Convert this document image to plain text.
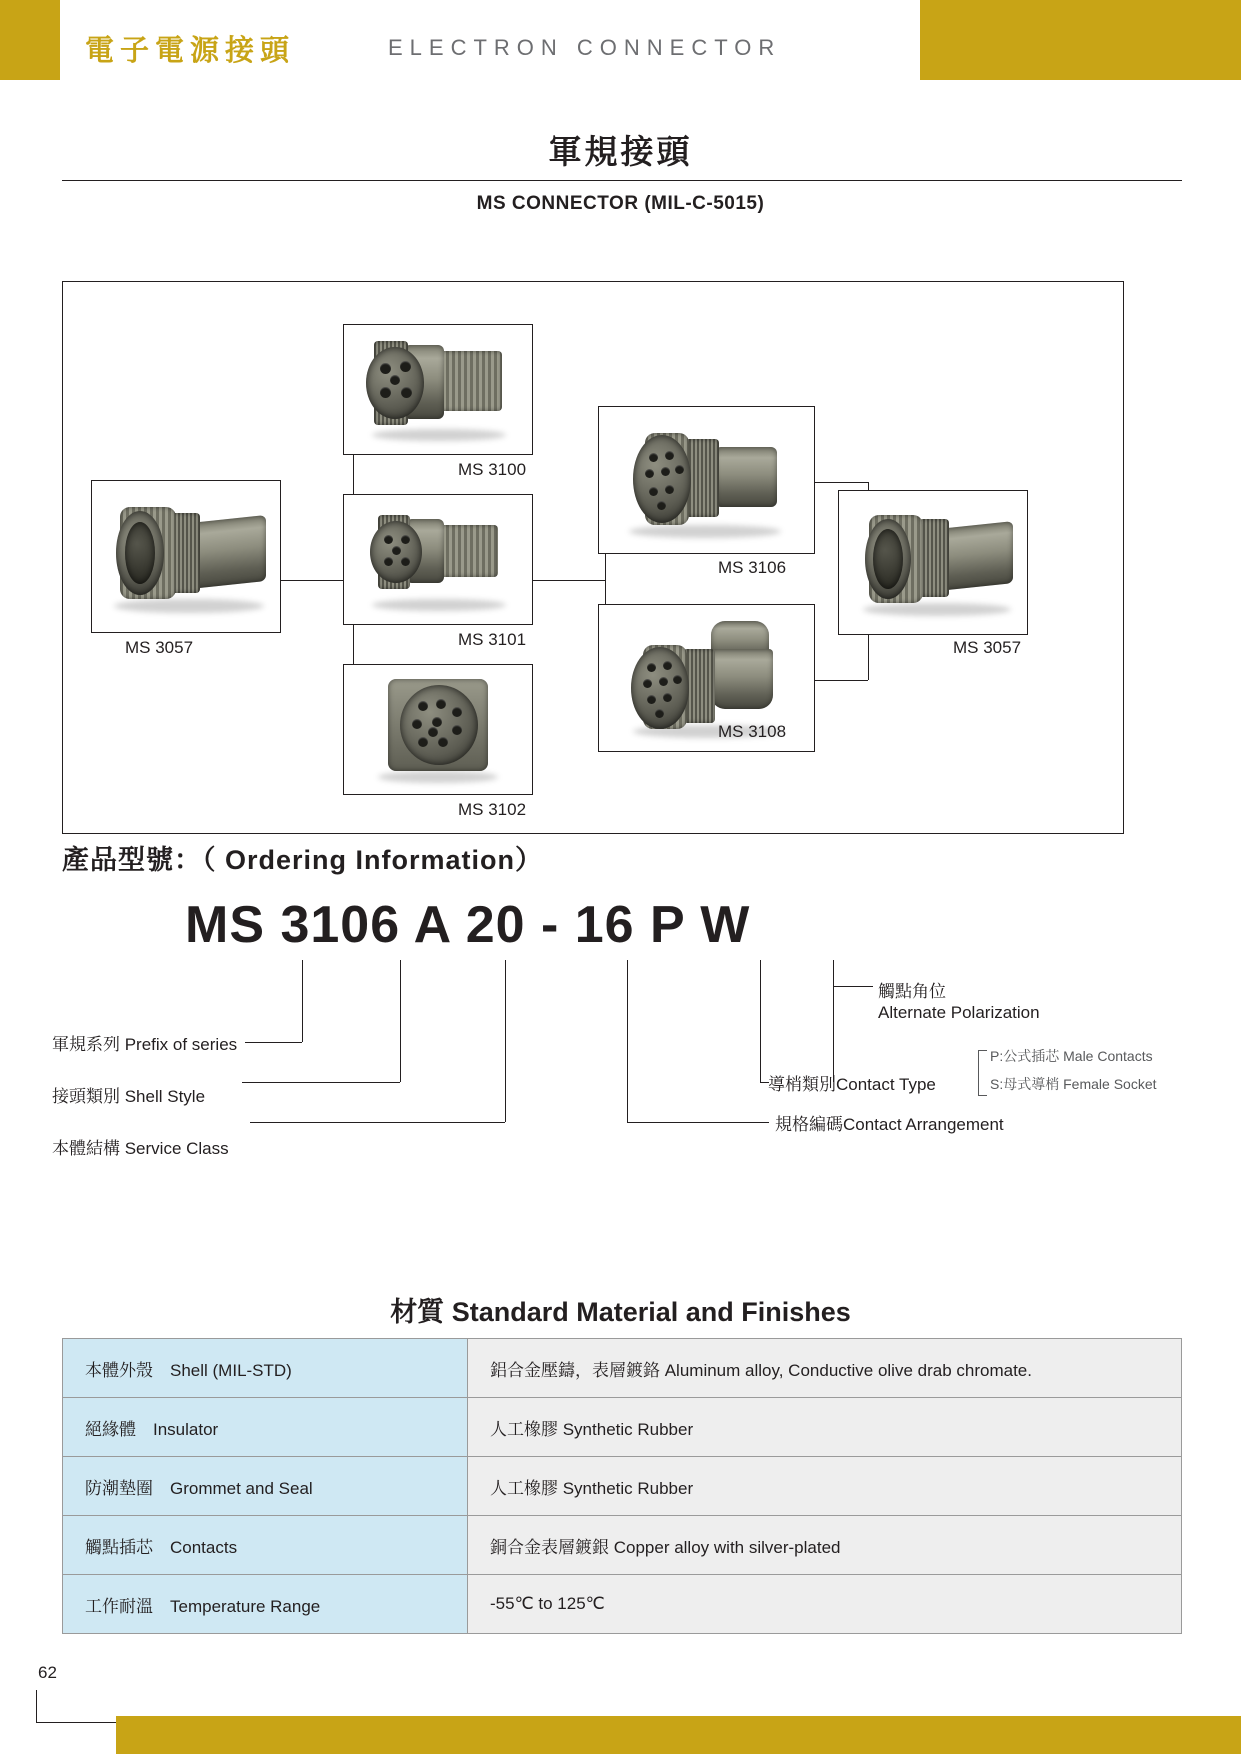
電子電源接頭	ELECTRON CONNECTOR
軍規接頭
MS CONNECTOR (MIL-C-5015)
MS 3057
MS 3100
MS 3101
MS 3102
MS 3106
MS 3108
MS 3057
產品型號：（ Ordering Information）
MS 3106 A 20 - 16 P W
本體結構 Service Class
接頭類別 Shell Style
軍規系列 Prefix of series
規格編碼Contact Arrangement
導梢類別Contact Type
P:公式插芯 Male Contacts
S:母式導梢 Female Socket
觸點角位
Alternate Polarization
材質 Standard Material and Finishes
本體外殼　Shell (MIL-STD)	鋁合金壓鑄，表層鍍鉻 Aluminum alloy, Conductive olive drab chromate.
絕緣體　Insulator	人工橡膠 Synthetic Rubber
防潮墊圈　Grommet and Seal	人工橡膠 Synthetic Rubber
觸點插芯　Contacts	銅合金表層鍍銀 Copper alloy with silver-plated
工作耐溫　Temperature Range	-55℃ to 125℃
62
